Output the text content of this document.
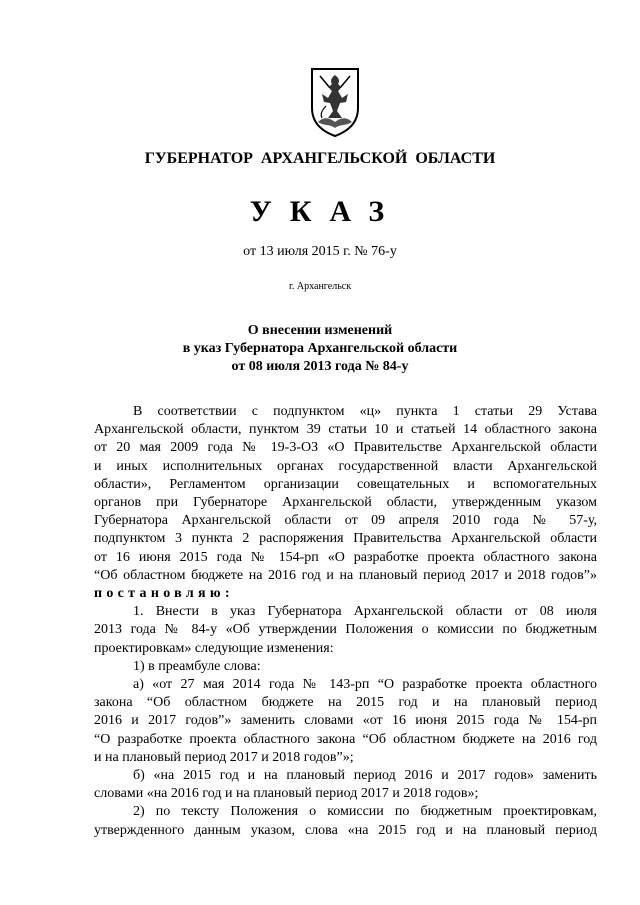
ГУБЕРНАТОР АРХАНГЕЛЬСКОЙ ОБЛАСТИ
УКАЗ
от 13 июля 2015 г. № 76-у
г. Архангельск
О внесении изменений
в указ Губернатора Архангельской области
от 08 июля 2013 года № 84-у
В соответствии с подпунктом «ц» пункта 1 статьи 29 Устава
Архангельской области, пунктом 39 статьи 10 и статьей 14 областного закона
от 20 мая 2009 года № 19-3-ОЗ «О Правительстве Архангельской области
и иных исполнительных органах государственной власти Архангельской
области», Регламентом организации совещательных и вспомогательных
органов при Губернаторе Архангельской области, утвержденным указом
Губернатора Архангельской области от 09 апреля 2010 года № 57-у,
подпунктом 3 пункта 2 распоряжения Правительства Архангельской области
от 16 июня 2015 года № 154-рп «О разработке проекта областного закона
“Об областном бюджете на 2016 год и на плановый период 2017 и 2018 годов”»
постановляю:
1. Внести в указ Губернатора Архангельской области от 08 июля
2013 года № 84-у «Об утверждении Положения о комиссии по бюджетным
проектировкам» следующие изменения:
1) в преамбуле слова:
а) «от 27 мая 2014 года № 143-рп “О разработке проекта областного
закона “Об областном бюджете на 2015 год и на плановый период
2016 и 2017 годов”» заменить словами «от 16 июня 2015 года № 154-рп
“О разработке проекта областного закона “Об областном бюджете на 2016 год
и на плановый период 2017 и 2018 годов”»;
б) «на 2015 год и на плановый период 2016 и 2017 годов» заменить
словами «на 2016 год и на плановый период 2017 и 2018 годов»;
2) по тексту Положения о комиссии по бюджетным проектировкам,
утвержденного данным указом, слова «на 2015 год и на плановый период
